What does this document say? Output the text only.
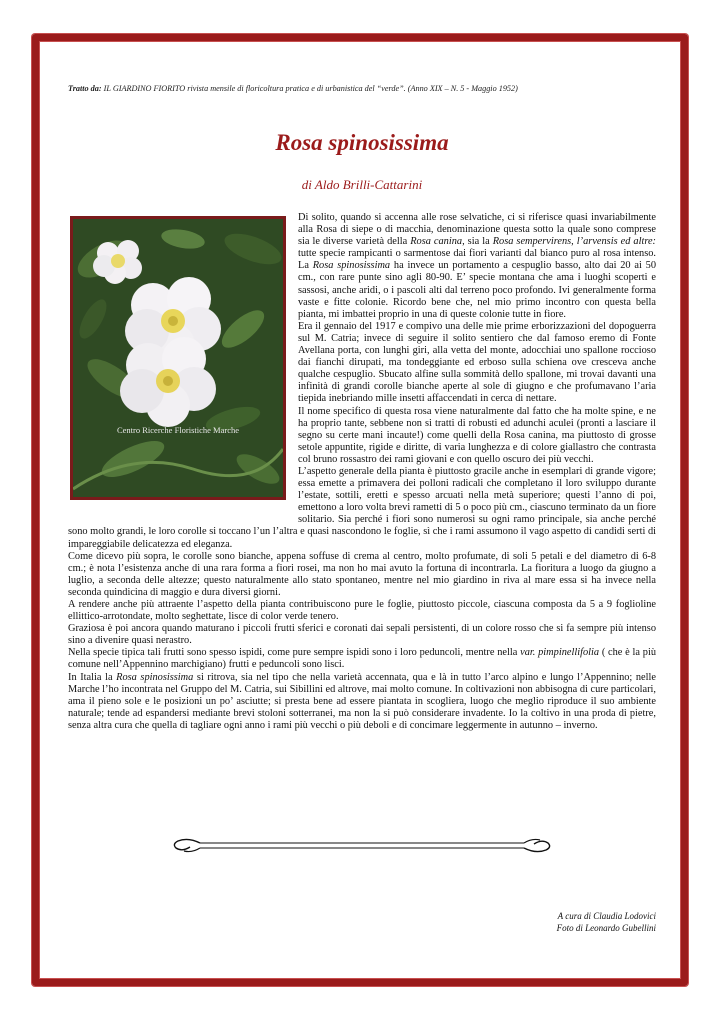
Tratto da: IL GIARDINO FIORITO rivista mensile di floricoltura pratica e di urbanistica del “verde”. (Anno XIX – N. 5 - Maggio 1952)
Rosa spinosissima
di Aldo Brilli-Cattarini
Centro Ricerche Floristiche Marche

Di solito, quando si accenna alle rose selvatiche, ci si riferisce quasi invariabilmente alla Rosa di siepe o di macchia, denominazione questa sotto la quale sono comprese sia le diverse varietà della Rosa canina, sia la Rosa sempervirens, l’arvensis ed altre: tutte specie rampicanti o sarmentose dai fiori varianti dal bianco puro al rosa intenso. La Rosa spinosissima ha invece un portamento a cespuglio basso, alto dai 20 ai 50 cm., con rare punte sino agli 80-90. E’ specie montana che ama i luoghi scoperti e sassosi, anche aridi, o i pascoli alti dal terreno poco profondo. Ivi generalmente forma vaste e fitte colonie. Ricordo bene che, nel mio primo incontro con questa bella pianta, mi imbattei proprio in una di queste colonie tutte in fiore.

Era il gennaio del 1917 e compivo una delle mie prime erborizzazioni del dopoguerra sul M. Catria; invece di seguire il solito sentiero che dal famoso eremo di Fonte Avellana porta, con lunghi giri, alla vetta del monte, adocchiai uno spallone roccioso dai fianchi dirupati, ma tondeggiante ed erboso sulla schiena ove cresceva anche qualche cespuglio. Sbucato alfine sulla sommità dello spallone, mi trovai davanti una infinità di grandi corolle bianche aperte al sole di giugno e che profumavano l’aria tiepida inebriando mille insetti affaccendati in cerca di nettare.

Il nome specifico di questa rosa viene naturalmente dal fatto che ha molte spine, e ne ha proprio tante, sebbene non si tratti di robusti ed adunchi aculei (pronti a lasciare il segno su certe mani incaute!) come quelli della Rosa canina, ma piuttosto di grosse setole appuntite, rigide e diritte, di varia lunghezza e di colore giallastro che contrasta col bruno rossastro dei rami giovani e con quello oscuro dei più vecchi.

L’aspetto generale della pianta è piuttosto gracile anche in esemplari di grande vigore; essa emette a primavera dei polloni radicali che completano il loro sviluppo durante l’estate, sottili, eretti e spesso arcuati nella metà superiore; questi l’anno di poi, emettono a loro volta brevi rametti di 5 o poco più cm., ciascuno terminato da un fiore solitario. Sia perché i fiori sono numerosi su ogni ramo principale, sia anche perché sono molto grandi, le loro corolle si toccano l’un l’altra e quasi nascondono le foglie, sì che i rami assumono il vago aspetto di candidi serti di impareggiabile delicatezza ed eleganza.

Come dicevo più sopra, le corolle sono bianche, appena soffuse di crema al centro, molto profumate, di soli 5 petali e del diametro di 6-8 cm.; è nota l’esistenza anche di una rara forma a fiori rosei, ma non ho mai avuto la fortuna di incontrarla. La fioritura a luogo da giugno a luglio, a seconda delle altezze; questo naturalmente allo stato spontaneo, mentre nel mio giardino in riva al mare essa si ha invece nella seconda quindicina di maggio e dura diversi giorni.

A rendere anche più attraente l’aspetto della pianta contribuiscono pure le foglie, piuttosto piccole, ciascuna composta da 5 a 9 foglioline ellittico-arrotondate, molto seghettate, lisce di color verde tenero.

Graziosa è poi ancora quando maturano i piccoli frutti sferici e coronati dai sepali persistenti, di un colore rosso che si fa sempre più intenso sino a divenire quasi nerastro.

Nella specie tipica tali frutti sono spesso ispidi, come pure sempre ispidi sono i loro peduncoli, mentre nella var. pimpinellifolia ( che è la più comune nell’Appennino marchigiano) frutti e peduncoli sono lisci.

In Italia la Rosa spinosissima si ritrova, sia nel tipo che nella varietà accennata, qua e là in tutto l’arco alpino e lungo l’Appennino; nelle Marche l’ho incontrata nel Gruppo del M. Catria, sui Sibillini ed altrove, mai molto comune. In coltivazioni non abbisogna di cure particolari, ama il pieno sole e le posizioni un po’ asciutte; si presta bene ad essere piantata in scogliera, luogo che meglio riproduce il suo ambiente naturale; tende ad espandersi mediante brevi stoloni sotterranei, ma non la si può considerare invadente. Io la coltivo in una proda di pietre, senza altra cura che quella di tagliare ogni anno i rami più vecchi o più deboli e di concimare leggermente in autunno – inverno.

A cura di Claudia Lodovici
Foto di Leonardo Gubellini
